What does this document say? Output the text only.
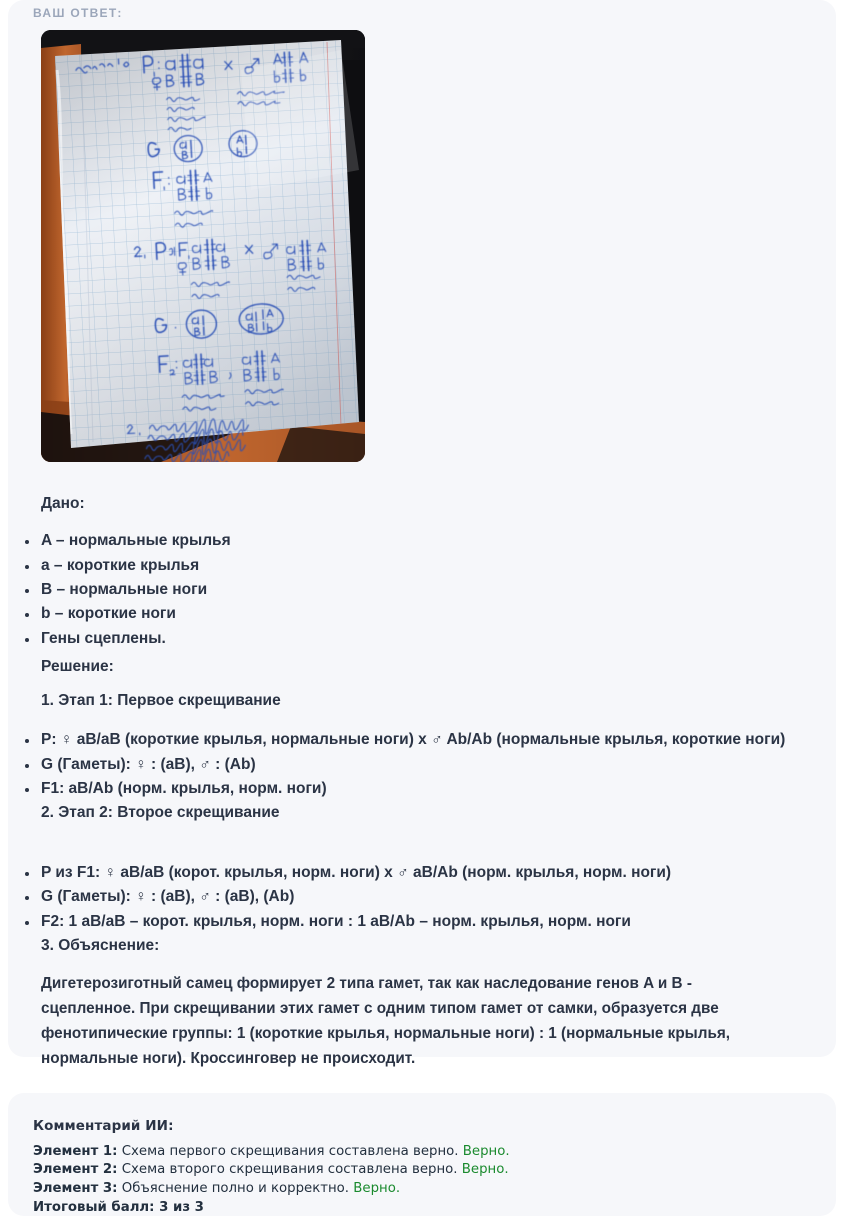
ВАШ ОТВЕТ:
Дано:
A – нормальные крылья
a – короткие крылья
B – нормальные ноги
b – короткие ноги
Гены сцеплены.
Решение:
1. Этап 1: Первое скрещивание
P: ♀ aB/aB (короткие крылья, нормальные ноги) x ♂ Ab/Ab (нормальные крылья, короткие ноги)
G (Гаметы): ♀ : (aB), ♂ : (Ab)
F1: aB/Ab (норм. крылья, норм. ноги)
2. Этап 2: Второе скрещивание
P из F1: ♀ aB/aB (корот. крылья, норм. ноги) x ♂ aB/Ab (норм. крылья, норм. ноги)
G (Гаметы): ♀ : (aB), ♂ : (aB), (Ab)
F2: 1 aB/aB – корот. крылья, норм. ноги : 1 aB/Ab – норм. крылья, норм. ноги
3. Объяснение:

Дигетерозиготный самец формирует 2 типа гамет, так как наследование генов A и B - сцепленное. При скрещивании этих гамет с одним типом гамет от самки, образуется две фенотипические группы: 1 (короткие крылья, нормальные ноги) : 1 (нормальные крылья, нормальные ноги). Кроссинговер не происходит.

Комментарий ИИ:
Элемент 1: Схема первого скрещивания составлена верно. Верно.
Элемент 2: Схема второго скрещивания составлена верно. Верно.
Элемент 3: Объяснение полно и корректно. Верно.
Итоговый балл: 3 из 3
